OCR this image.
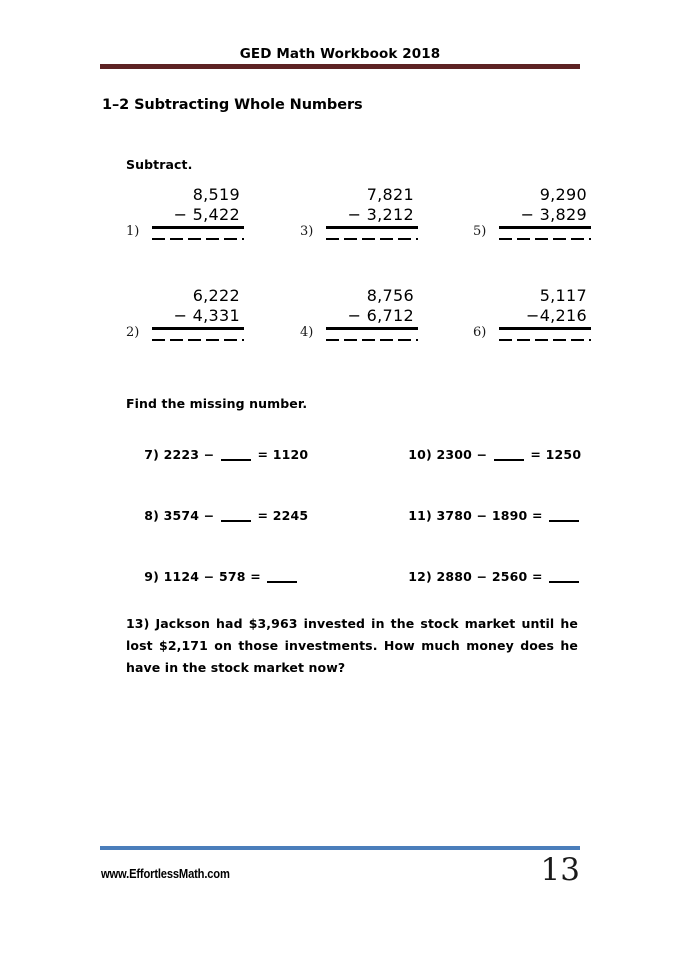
GED Math Workbook 2018
1–2 Subtracting Whole Numbers
Subtract.
1)
8,519
− 5,422
3)
7,821
− 3,212
5)
9,290
− 3,829
2)
6,222
− 4,331
4)
8,756
− 6,712
6)
5,117
−4,216
Find the missing number.

7) 2223 −	= 1120

8) 3574 −	= 2245

9) 1124 − 578 =

10) 2300 −	= 1250

11) 3780 − 1890 =

12) 2880 − 2560 =

13) Jackson had $3,963 invested in the stock market until he lost $2,171 on those investments. How much money does he have in the stock market now?
www.EffortlessMath.com	13
